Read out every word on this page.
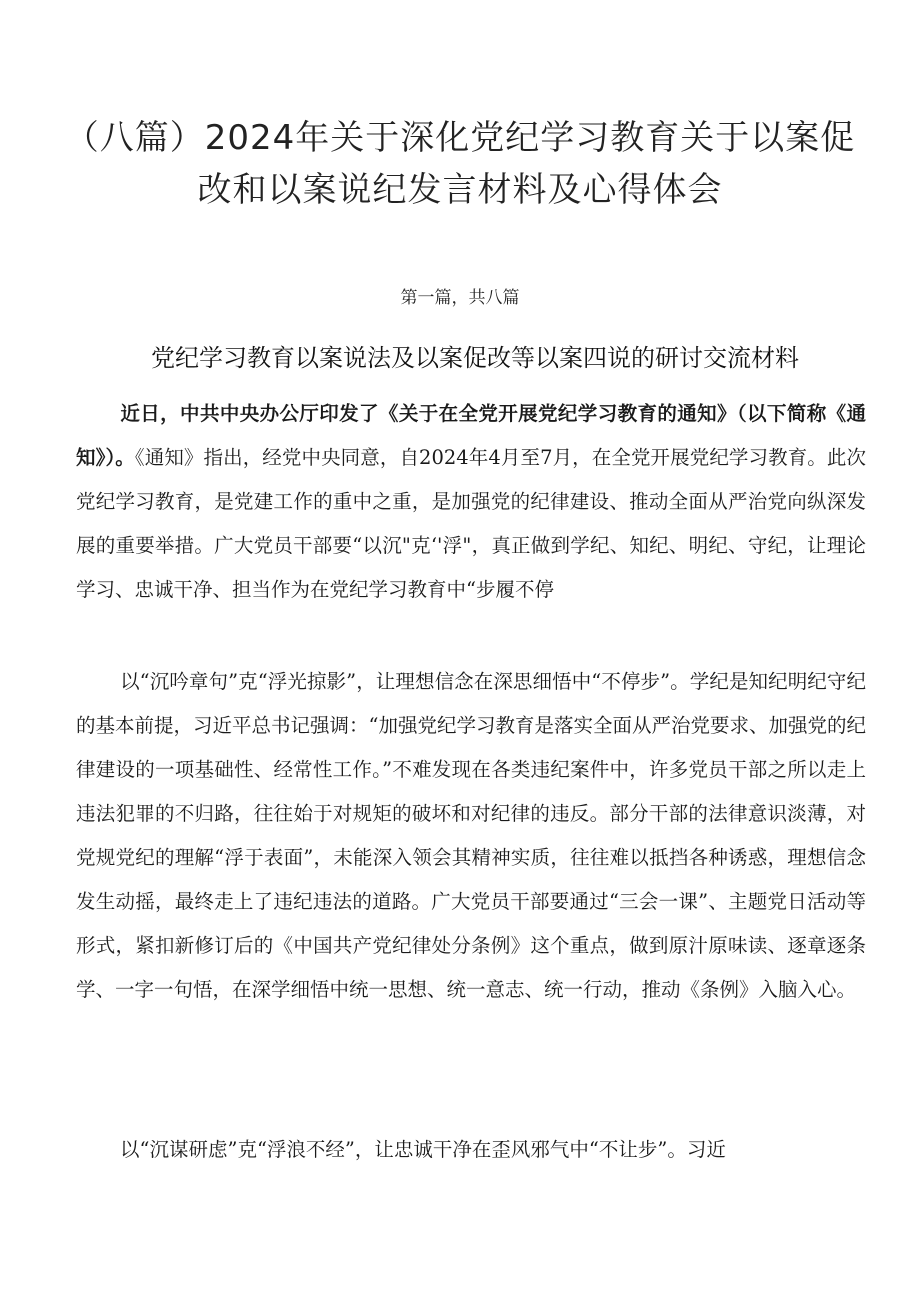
（八篇）2024年关于深化党纪学习教育关于以案促
改和以案说纪发言材料及心得体会
第一篇，共八篇
党纪学习教育以案说法及以案促改等以案四说的研讨交流材料

近日，中共中央办公厅印发了《关于在全党开展党纪学习教育的通知》（以下简称《通知》）。《通知》指出，经党中央同意，自2024年4月至7月，在全党开展党纪学习教育。此次党纪学习教育，是党建工作的重中之重，是加强党的纪律建设、推动全面从严治党向纵深发展的重要举措。广大党员干部要“以沉"克‘'浮"，真正做到学纪、知纪、明纪、守纪，让理论学习、忠诚干净、担当作为在党纪学习教育中“步履不停

以“沉吟章句”克“浮光掠影”，让理想信念在深思细悟中“不停步”。学纪是知纪明纪守纪的基本前提，习近平总书记强调：“加强党纪学习教育是落实全面从严治党要求、加强党的纪律建设的一项基础性、经常性工作。”不难发现在各类违纪案件中，许多党员干部之所以走上违法犯罪的不归路，往往始于对规矩的破坏和对纪律的违反。部分干部的法律意识淡薄，对党规党纪的理解“浮于表面”，未能深入领会其精神实质，往往难以抵挡各种诱惑，理想信念发生动摇，最终走上了违纪违法的道路。广大党员干部要通过“三会一课”、主题党日活动等形式，紧扣新修订后的《中国共产党纪律处分条例》这个重点，做到原汁原味读、逐章逐条学、一字一句悟，在深学细悟中统一思想、统一意志、统一行动，推动《条例》入脑入心。

以“沉谋研虑”克“浮浪不经”，让忠诚干净在歪风邪气中“不让步”。习近
